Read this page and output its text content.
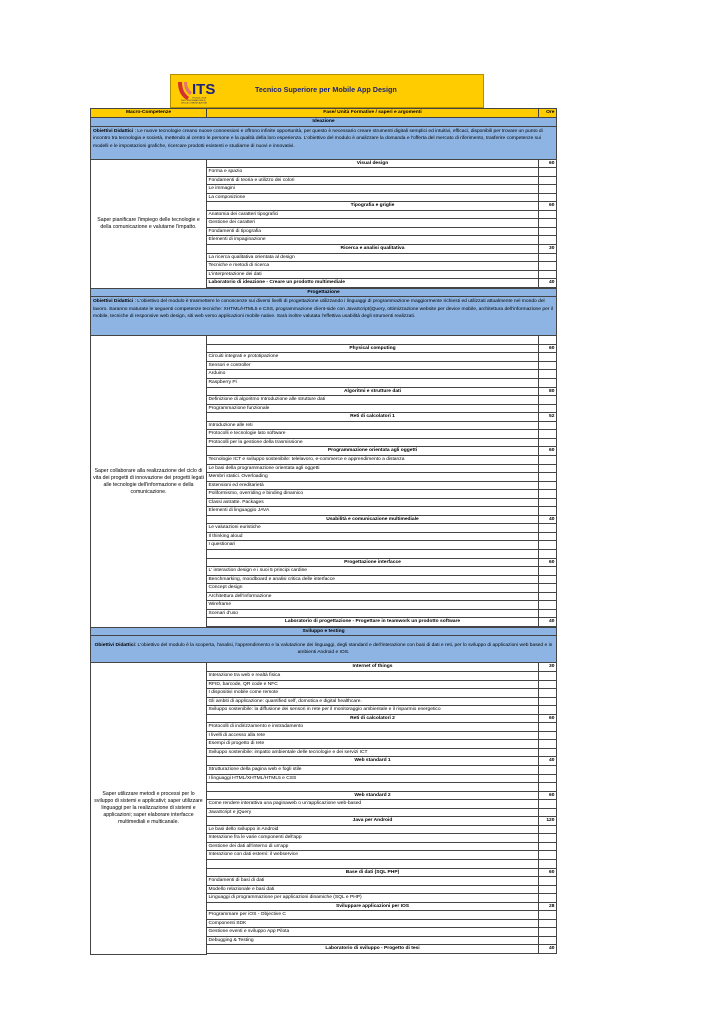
ITS
TECNOLOGIE
DELL'INFORMAZIONE E
DELLA COMUNICAZIONE
Tecnico Superiore per Mobile App Design
Macro-Competenze	Fase/ Unità Formative / saperi e argomenti	Ore
Ideazione		
Obiettivi Didattici : Le nuove tecnologie creano nuove connessioni e offrono infinite opportunità, per questo è necessario creare strumenti digitali semplici ed intuitivi, efficaci, disponibili per trovare un punto di incontro tra tecnologia e società, mettendo al centro le persone e la qualità della loro esperienza. L'obiettivo del modulo è analizzare la domanda e l'offerta del mercato di riferimento, trasferire competenze sui modelli e le impostazioni grafiche, ricercare prodotti esistenti e studiarne di nuovi e innovativi.		
Saper pianificare l'impiego delle tecnologie e della comunicazione e valutarne l'impatto.	Visual design	60
	Forma e spazio	
	Fondamenti di teoria e utilizzo dei colori	
	Le immagini	
	La composizione	
	Tipografia e griglie	60
	Anatomia dei caratteri tipografici	
	Gestione dei caratteri	
	Fondamenti di tipografia	
	Elementi di impaginazione	
	Ricerca e analisi qualitativa	30
	La ricerca qualitativa orientata al design	
	Tecniche e metodi di ricerca	
	L'interpretazione dei dati	
	Laboratorio di ideazione - Creare un prodotto multimediale	40

Progettazione		
Obiettivi Didattici : L'obiettivo del modulo è trasmettere le conoscenze sui diversi livelli di progettazione utilizzando i linguaggi di programmazione maggiormente richiesti ed utilizzati attualmente nel mondo del lavoro. Saranno maturate le seguenti competenze tecniche: XHTML/HTML5 e CSS, programmazione client-side con JavaScript/jQuery, ottimizzazione website per device mobile, architettura dell'informazione per il mobile, tecniche di responsive web design, siti web verso applicazioni mobile native. Sarà inoltre valutata l'effettiva usabilità degli strumenti realizzati.		
Saper collaborare alla realizzazione del ciclo di vita dei progetti di innovazione dei progetti legati alle tecnologie dell'informazione e della comunicazione.		
	Physical computing	60
	Circuiti integrati e prototipazione	
	Sensori e controller	
	Arduino	
	Raspberry Pi	
	Algoritmi e strutture dati	80
	Definizione di algoritmo Introduzione alle strutture dati	
	Programmazione funzionale	
	Reti di calcolatori 1	52
	Introduzione alle reti	
	Protocolli e tecnologie lato software	
	Protocolli per la gestione della trasmissione	
	Programmazione orientata agli oggetti	60
	Tecnologie ICT e sviluppo sostenibile: telelavoro, e-commerce e apprendimento a distanza	
	Le basi della programmazione orientata agli oggetti	
	Membri statici. Overloading	
	Estensioni ed ereditarietà	
	Poliformismo, overriding e binding dinamico	
	Classi astratte. Packages	
	Elementi di linguaggio JAVA	
	Usabilità e comunicazione multimediale	40
	Le valutazioni euristiche	
	Il thinking aloud	
	I questionari	

	Progettazione interfacce	60
	L' interaction design e i suoi 5 principi cardine	
	Benchmarking, moodboard e analisi critica delle interfacce	
	Concept design	
	Architettura dell'informazione	
	Wireframe	
	Scenari d'uso	
	Laboratorio di progettazione - Progettare in teamwork un prodotto software	40

Sviluppo e testing		
Obiettivi Didattici: L'obiettivo del modulo è la scoperta, l'analisi, l'apprendimento e la valutazione dei linguaggi, degli standard e dell'interazione con basi di dati e reti, per lo sviluppo di applicazioni web based e in ambienti Android e IOS.		
Saper utilizzare metodi e processi per lo sviluppo di sistemi e applicativi; saper utilizzare linguaggi per la realizzazione di sistemi e applicazioni; saper elaborare interfacce multimediali e multicanale.	Internet of things	30
	Interazione tra web e realtà fisica	
	RFID, barcode, QR code e NFC	
	I dispositivi mobile come remote	
	Gli ambiti di applicazione: quantified self, domotica e digital healthcare.	
	Sviluppo sostenibile: la diffusione dei sensori in rete per il monitoraggio ambientale e il risparmio energetico	
	Reti di calcolatori 2	60
	Protocolli di indirizzamento e instradamento	
	I livelli di accesso alla rete	
	Esempi di progetto di rete	
	Sviluppo sostenibile: impatto ambientale delle tecnologie e dei servizi ICT	
	Web standard 1	40
	Strutturazione della pagina web e fogli stile	
	I linguaggi HTML/XHTML/HTML5 e CSS	

	Web standard 2	60
	Come rendere interattiva una paginaweb o un'applicazione web-based	
	JavaScript e jQuery	
	Java per Android	120
	Le basi dello sviluppo in Android	
	Interazione fra le varie componenti dell'app	
	Gestione dei dati all'interno di un'app	
	Interazione con dati esterni: il webservice	

	Base di dati (SQL PHP)	60
	Fondamenti di basi di dati	
	Modello relazionale e basi dati	
	Linguaggi di programmazione per applicazioni dinamiche (SQL e PHP)	
	Sviluppare applicazioni per IOS	28
	Programmare per iOS - Objective C	
	Componenti SDK	
	Gestione eventi e sviluppo App Pilota	
	Debugging & Testing	
	Laboratorio di sviluppo - Progetto di tesi	40
